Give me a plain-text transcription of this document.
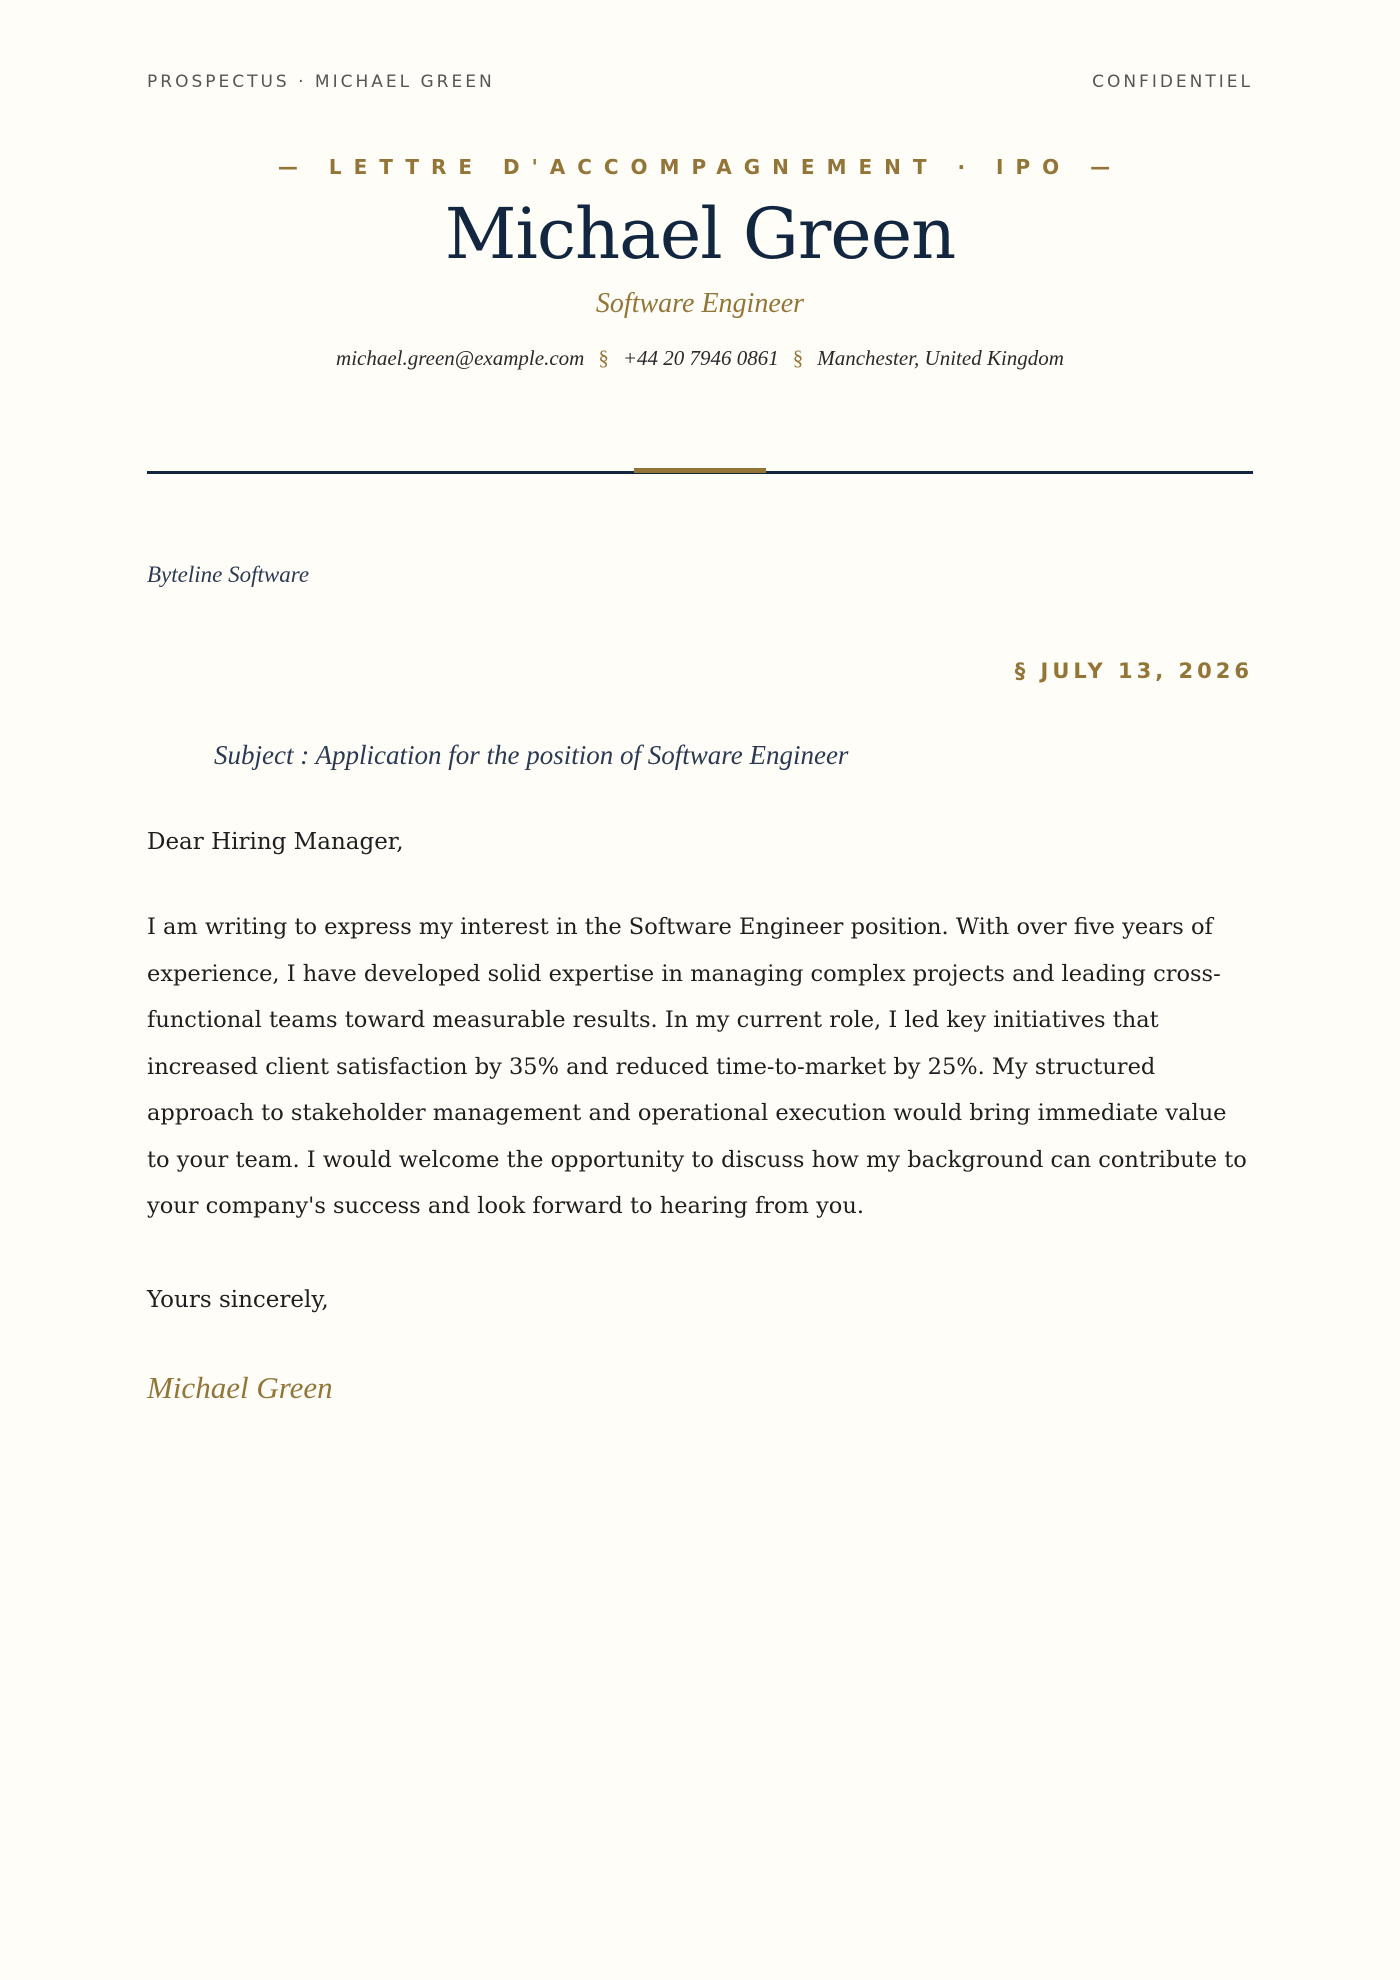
PROSPECTUS · MICHAEL GREEN	CONFIDENTIEL
— LETTRE D'ACCOMPAGNEMENT · IPO —
Michael Green
Software Engineer
michael.green@example.com § +44 20 7946 0861 § Manchester, United Kingdom
Byteline Software
§ JULY 13, 2026
Subject : Application for the position of Software Engineer
Dear Hiring Manager,

I am writing to express my interest in the Software Engineer position. With over five years of experience, I have developed solid expertise in managing complex projects and leading cross-functional teams toward measurable results. In my current role, I led key initiatives that increased client satisfaction by 35% and reduced time-to-market by 25%. My structured approach to stakeholder management and operational execution would bring immediate value to your team. I would welcome the opportunity to discuss how my background can contribute to your company's success and look forward to hearing from you.

Yours sincerely,
Michael Green
